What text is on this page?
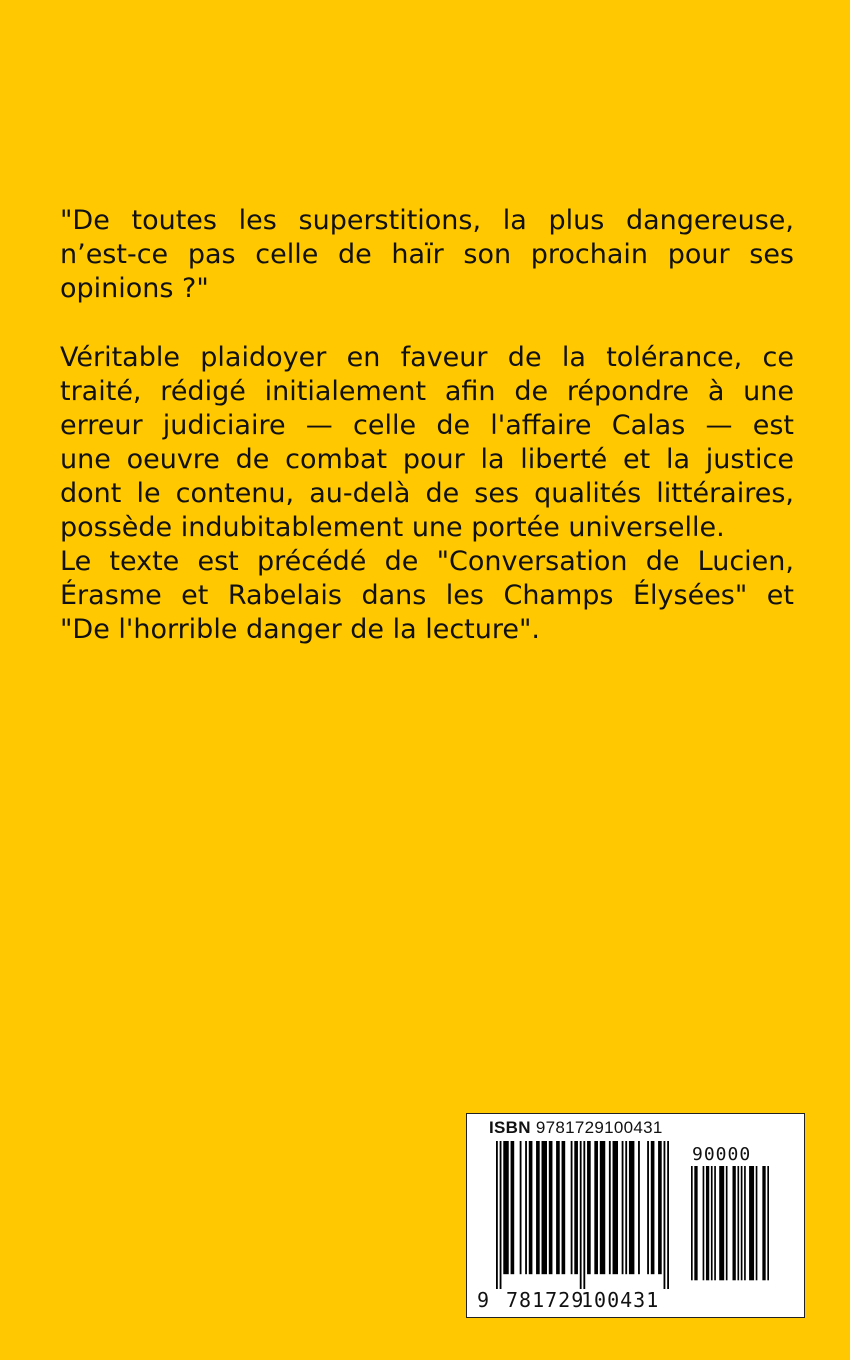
"De toutes les superstitions, la plus dangereuse,
n’est-ce pas celle de haïr son prochain pour ses
opinions ?"
Véritable plaidoyer en faveur de la tolérance, ce
traité, rédigé initialement afin de répondre à une
erreur judiciaire — celle de l'affaire Calas — est
une oeuvre de combat pour la liberté et la justice
dont le contenu, au-delà de ses qualités littéraires,
possède indubitablement une portée universelle.
Le texte est précédé de "Conversation de Lucien,
Érasme et Rabelais dans les Champs Élysées" et
"De l'horrible danger de la lecture".
ISBN 9781729100431
90000
9 781729
100431
